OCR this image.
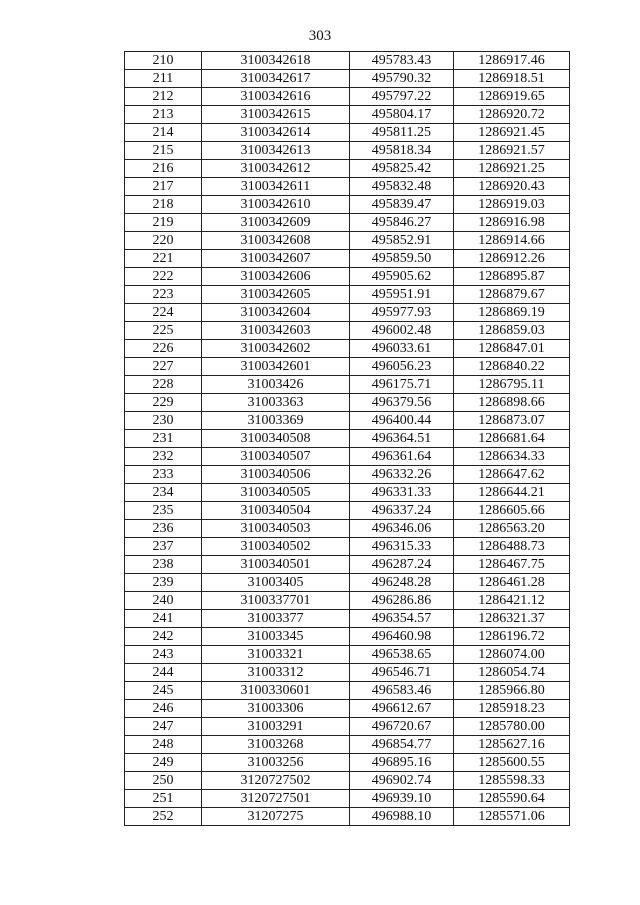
303
210	3100342618	495783.43	1286917.46
211	3100342617	495790.32	1286918.51
212	3100342616	495797.22	1286919.65
213	3100342615	495804.17	1286920.72
214	3100342614	495811.25	1286921.45
215	3100342613	495818.34	1286921.57
216	3100342612	495825.42	1286921.25
217	3100342611	495832.48	1286920.43
218	3100342610	495839.47	1286919.03
219	3100342609	495846.27	1286916.98
220	3100342608	495852.91	1286914.66
221	3100342607	495859.50	1286912.26
222	3100342606	495905.62	1286895.87
223	3100342605	495951.91	1286879.67
224	3100342604	495977.93	1286869.19
225	3100342603	496002.48	1286859.03
226	3100342602	496033.61	1286847.01
227	3100342601	496056.23	1286840.22
228	31003426	496175.71	1286795.11
229	31003363	496379.56	1286898.66
230	31003369	496400.44	1286873.07
231	3100340508	496364.51	1286681.64
232	3100340507	496361.64	1286634.33
233	3100340506	496332.26	1286647.62
234	3100340505	496331.33	1286644.21
235	3100340504	496337.24	1286605.66
236	3100340503	496346.06	1286563.20
237	3100340502	496315.33	1286488.73
238	3100340501	496287.24	1286467.75
239	31003405	496248.28	1286461.28
240	3100337701	496286.86	1286421.12
241	31003377	496354.57	1286321.37
242	31003345	496460.98	1286196.72
243	31003321	496538.65	1286074.00
244	31003312	496546.71	1286054.74
245	3100330601	496583.46	1285966.80
246	31003306	496612.67	1285918.23
247	31003291	496720.67	1285780.00
248	31003268	496854.77	1285627.16
249	31003256	496895.16	1285600.55
250	3120727502	496902.74	1285598.33
251	3120727501	496939.10	1285590.64
252	31207275	496988.10	1285571.06
